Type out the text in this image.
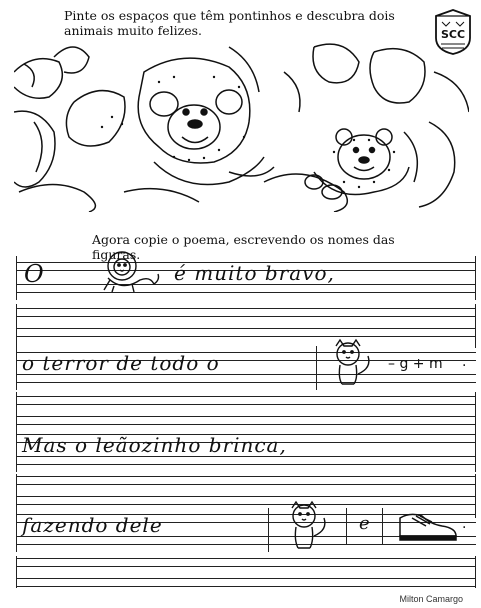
Pinte os espaços que têm pontinhos e descubra dois animais muito felizes.	SCC

Agora copie o poema, escrevendo os nomes das figuras.

O	é muito bravo,
o terror de todo o	– g + m .
Mas o leãozinho brinca,
fazendo dele	e	.
Milton Camargo
